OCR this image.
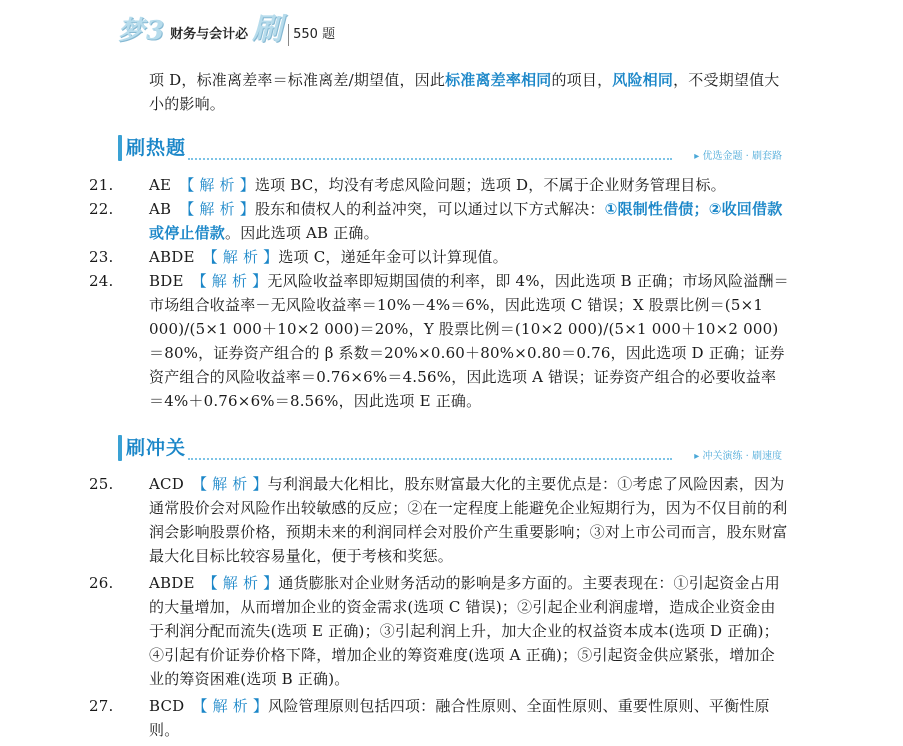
梦 3 财务与会计必 刷 550 题
项 D，标准离差率＝标准离差/期望值，因此标准离差率相同的项目，风险相同，不受期望值大小的影响。
刷热题	▸ 优选金题 · 刷套路
21. AE 【 解 析 】选项 BC，均没有考虑风险问题；选项 D，不属于企业财务管理目标。
22. AB 【 解 析 】股东和债权人的利益冲突，可以通过以下方式解决：①限制性借债；②收回借款或停止借款。因此选项 AB 正确。
23. ABDE 【 解 析 】选项 C，递延年金可以计算现值。
24. BDE 【 解 析 】无风险收益率即短期国债的利率，即 4%，因此选项 B 正确；市场风险溢酬＝市场组合收益率－无风险收益率＝10%－4%＝6%，因此选项 C 错误；X 股票比例＝(5×1 000)/(5×1 000＋10×2 000)＝20%，Y 股票比例＝(10×2 000)/(5×1 000＋10×2 000)＝80%，证券资产组合的 β 系数＝20%×0.60＋80%×0.80＝0.76，因此选项 D 正确；证券资产组合的风险收益率＝0.76×6%＝4.56%，因此选项 A 错误；证券资产组合的必要收益率＝4%＋0.76×6%＝8.56%，因此选项 E 正确。
刷冲关	▸ 冲关演练 · 刷速度
25. ACD 【 解 析 】与利润最大化相比，股东财富最大化的主要优点是：①考虑了风险因素，因为通常股价会对风险作出较敏感的反应；②在一定程度上能避免企业短期行为，因为不仅目前的利润会影响股票价格，预期未来的利润同样会对股价产生重要影响；③对上市公司而言，股东财富最大化目标比较容易量化，便于考核和奖惩。
26. ABDE 【 解 析 】通货膨胀对企业财务活动的影响是多方面的。主要表现在：①引起资金占用的大量增加，从而增加企业的资金需求(选项 C 错误)；②引起企业利润虚增，造成企业资金由于利润分配而流失(选项 E 正确)；③引起利润上升，加大企业的权益资本成本(选项 D 正确)；④引起有价证券价格下降，增加企业的筹资难度(选项 A 正确)；⑤引起资金供应紧张，增加企业的筹资困难(选项 B 正确)。
27. BCD 【 解 析 】风险管理原则包括四项：融合性原则、全面性原则、重要性原则、平衡性原则。
